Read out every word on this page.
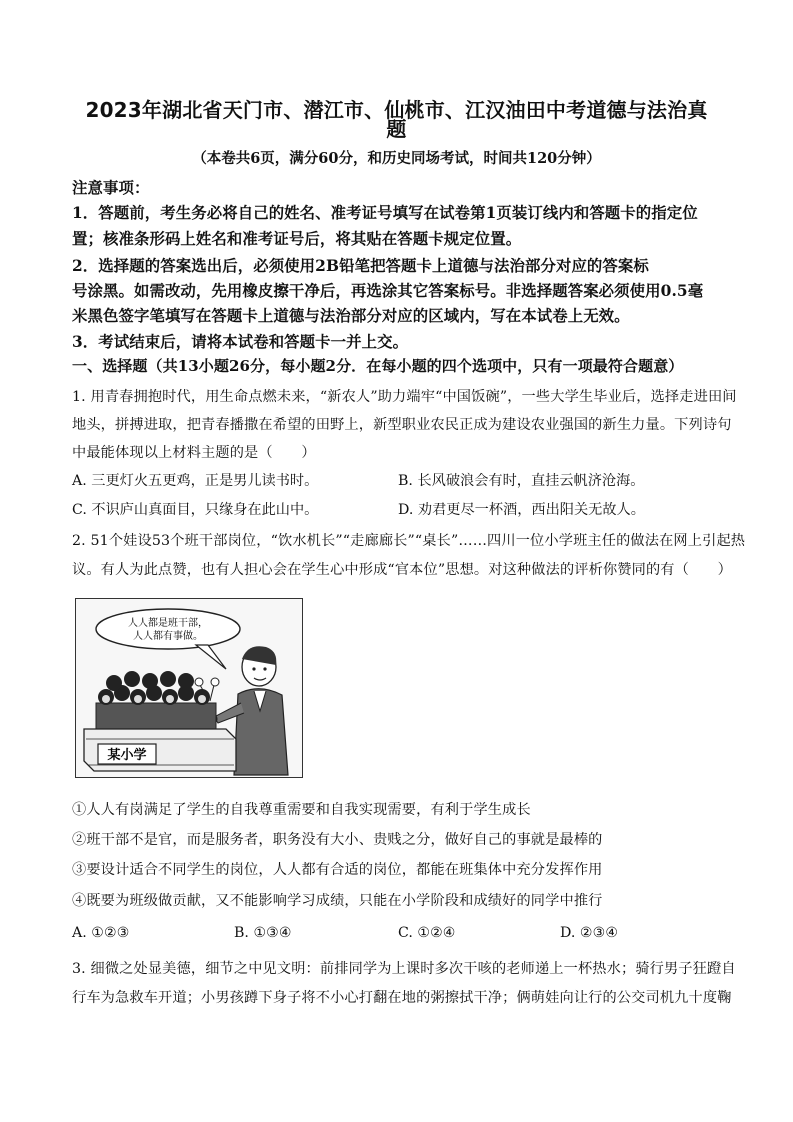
2023年湖北省天门市、潜江市、仙桃市、江汉油田中考道德与法治真
题
（本卷共6页，满分60分，和历史同场考试，时间共120分钟）
注意事项：
1．答题前，考生务必将自己的姓名、准考证号填写在试卷第1页装订线内和答题卡的指定位
置；核准条形码上姓名和准考证号后，将其贴在答题卡规定位置。
2．选择题的答案选出后，必须使用2B铅笔把答题卡上道德与法治部分对应的答案标
号涂黑。如需改动，先用橡皮擦干净后，再选涂其它答案标号。非选择题答案必须使用0.5毫
米黑色签字笔填写在答题卡上道德与法治部分对应的区域内，写在本试卷上无效。
3．考试结束后，请将本试卷和答题卡一并上交。
一、选择题（共13小题26分，每小题2分．在每小题的四个选项中，只有一项最符合题意）
1. 用青春拥抱时代，用生命点燃未来，“新农人”助力端牢“中国饭碗”，一些大学生毕业后，选择走进田间
地头，拼搏进取，把青春播撒在希望的田野上，新型职业农民正成为建设农业强国的新生力量。下列诗句
中最能体现以上材料主题的是（　　）
A. 三更灯火五更鸡，正是男儿读书时。	B. 长风破浪会有时，直挂云帆济沧海。
C. 不识庐山真面目，只缘身在此山中。	D. 劝君更尽一杯酒，西出阳关无故人。
2. 51个娃设53个班干部岗位，“饮水机长”“走廊廊长”“桌长”……四川一位小学班主任的做法在网上引起热
议。有人为此点赞，也有人担心会在学生心中形成“官本位”思想。对这种做法的评析你赞同的有（　　）
人人都是班干部，
人人都有事做。
某小学
①人人有岗满足了学生的自我尊重需要和自我实现需要，有利于学生成长
②班干部不是官，而是服务者，职务没有大小、贵贱之分，做好自己的事就是最棒的
③要设计适合不同学生的岗位，人人都有合适的岗位，都能在班集体中充分发挥作用
④既要为班级做贡献，又不能影响学习成绩，只能在小学阶段和成绩好的同学中推行
A. ①②③	B. ①③④	C. ①②④	D. ②③④
3. 细微之处显美德，细节之中见文明：前排同学为上课时多次干咳的老师递上一杯热水；骑行男子狂蹬自
行车为急救车开道；小男孩蹲下身子将不小心打翻在地的粥擦拭干净；俩萌娃向让行的公交司机九十度鞠
